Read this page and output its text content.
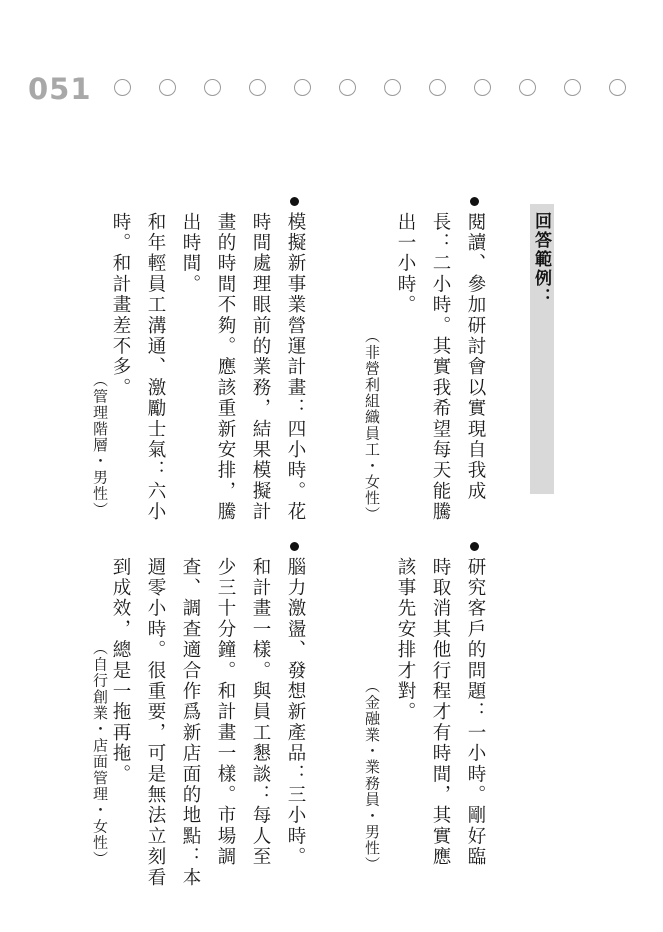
051
回答範例：
閱讀、參加研討會以實現自我成
長：二小時。其實我希望每天能騰
出一小時。
（非營利組織員工・女性）
研究客戶的問題：一小時。剛好臨
時取消其他行程才有時間，其實應
該事先安排才對。
（金融業・業務員・男性）
模擬新事業營運計畫：四小時。花
時間處理眼前的業務，結果模擬計
畫的時間不夠。應該重新安排，騰
出時間。
和年輕員工溝通、激勵士氣：六小
時。和計畫差不多。
（管理階層・男性）
腦力激盪、發想新產品：三小時。
和計畫一樣。與員工懇談：每人至
少三十分鐘。和計畫一樣。市場調
查、調查適合作爲新店面的地點：本
週零小時。很重要，可是無法立刻看
到成效，總是一拖再拖。
（自行創業・店面管理・女性）
